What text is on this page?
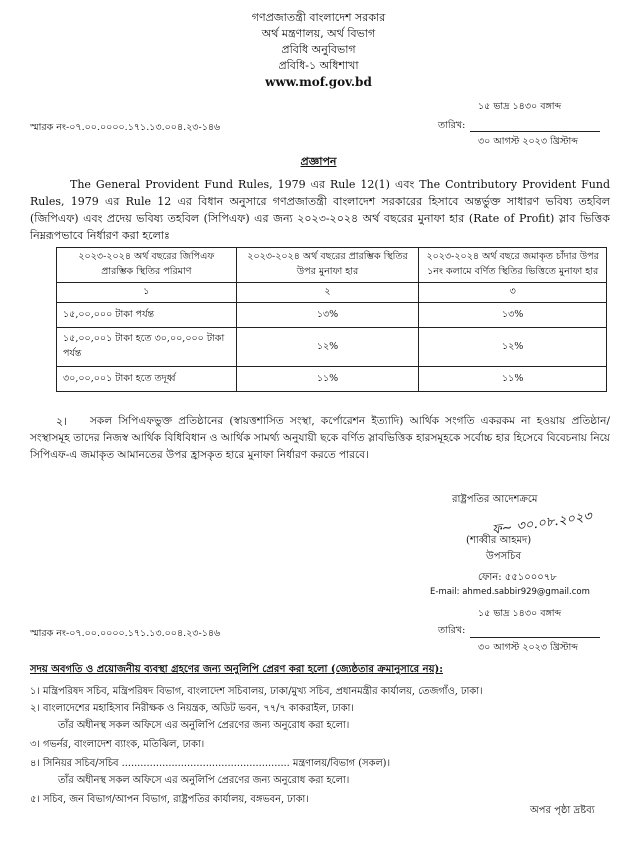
গণপ্রজাতন্ত্রী বাংলাদেশ সরকার
অর্থ মন্ত্রণালয়, অর্থ বিভাগ
প্রবিধি অনুবিভাগ
প্রবিধি-১ অধিশাখা
www.mof.gov.bd
১৫ ভাদ্র ১৪৩০ বঙ্গাব্দ
স্মারক নং-০৭.০০.০০০০.১৭১.১৩.০০৪.২৩-১৪৬	তারিখ:
৩০ আগস্ট ২০২৩ খ্রিস্টাব্দ
প্রজ্ঞাপন
The General Provident Fund Rules, 1979 এর Rule 12(1) এবং The Contributory Provident Fund Rules, 1979 এর Rule 12 এর বিধান অনুসারে গণপ্রজাতন্ত্রী বাংলাদেশ সরকারের হিসাবে অন্তর্ভুক্ত সাধারণ ভবিষ্য তহবিল (জিপিএফ) এবং প্রদেয় ভবিষ্য তহবিল (সিপিএফ) এর জন্য ২০২৩-২০২৪ অর্থ বছরের মুনাফা হার (Rate of Profit) স্লাব ভিত্তিক নিম্নরূপভাবে নির্ধারণ করা হলোঃ
২০২৩-২০২৪ অর্থ বছরের জিপিএফ প্রারম্ভিক স্থিতির পরিমাণ	২০২৩-২০২৪ অর্থ বছরের প্রারম্ভিক স্থিতির উপর মুনাফা হার	২০২৩-২০২৪ অর্থ বছরে জমাকৃত চাঁদার উপর ১নং কলামে বর্ণিত স্থিতির ভিত্তিতে মুনাফা হার
১	২	৩
১৫,০০,০০০ টাকা পর্যন্ত	১৩%	১৩%
১৫,০০,০০১ টাকা হতে ৩০,০০,০০০ টাকা পর্যন্ত	১২%	১২%
৩০,০০,০০১ টাকা হতে তদূর্ধ্ব	১১%	১১%
২।	সকল সিপিএফভুক্ত প্রতিষ্ঠানের (স্বায়ত্তশাসিত সংস্থা, কর্পোরেশন ইত্যাদি) আর্থিক সংগতি একরকম না হওয়ায় প্রতিষ্ঠান/সংস্থাসমূহ তাদের নিজস্ব আর্থিক বিধিবিধান ও আর্থিক সামর্থ্য অনুযায়ী ছকে বর্ণিত স্লাবভিত্তিক হারসমূহকে সর্বোচ্চ হার হিসেবে বিবেচনায় নিয়ে সিপিএফ-এ জমাকৃত আমানতের উপর হ্রাসকৃত হারে মুনাফা নির্ধারণ করতে পারবে।
রাষ্ট্রপতির আদেশক্রমে
ফ~ ৩০.০৮.২০২৩
(শাব্বীর আহমদ)
উপসচিব
ফোন: ৫৫১০০০৭৮
E-mail: ahmed.sabbir929@gmail.com
১৫ ভাদ্র ১৪৩০ বঙ্গাব্দ
স্মারক নং-০৭.০০.০০০০.১৭১.১৩.০০৪.২৩-১৪৬	তারিখ:
৩০ আগস্ট ২০২৩ খ্রিস্টাব্দ
সদয় অবগতি ও প্রয়োজনীয় ব্যবস্থা গ্রহণের জন্য অনুলিপি প্রেরণ করা হলো (জ্যেষ্ঠতার ক্রমানুসারে নয়):
১। মন্ত্রিপরিষদ সচিব, মন্ত্রিপরিষদ বিভাগ, বাংলাদেশ সচিবালয়, ঢাকা/মুখ্য সচিব, প্রধানমন্ত্রীর কার্যালয়, তেজগাঁও, ঢাকা।
২। বাংলাদেশের মহাহিসাব নিরীক্ষক ও নিয়ন্ত্রক, অডিট ভবন, ৭৭/৭ কাকরাইল, ঢাকা।
তাঁর অধীনস্থ সকল অফিসে এর অনুলিপি প্রেরণের জন্য অনুরোধ করা হলো।
৩। গভর্নর, বাংলাদেশ ব্যাংক, মতিঝিল, ঢাকা।
৪। সিনিয়র সচিব/সচিব ...................................................... মন্ত্রণালয়/বিভাগ (সকল)।
তাঁর অধীনস্থ সকল অফিসে এর অনুলিপি প্রেরণের জন্য অনুরোধ করা হলো।
৫। সচিব, জন বিভাগ/আপন বিভাগ, রাষ্ট্রপতির কার্যালয়, বঙ্গভবন, ঢাকা।
অপর পৃষ্ঠা দ্রষ্টব্য
